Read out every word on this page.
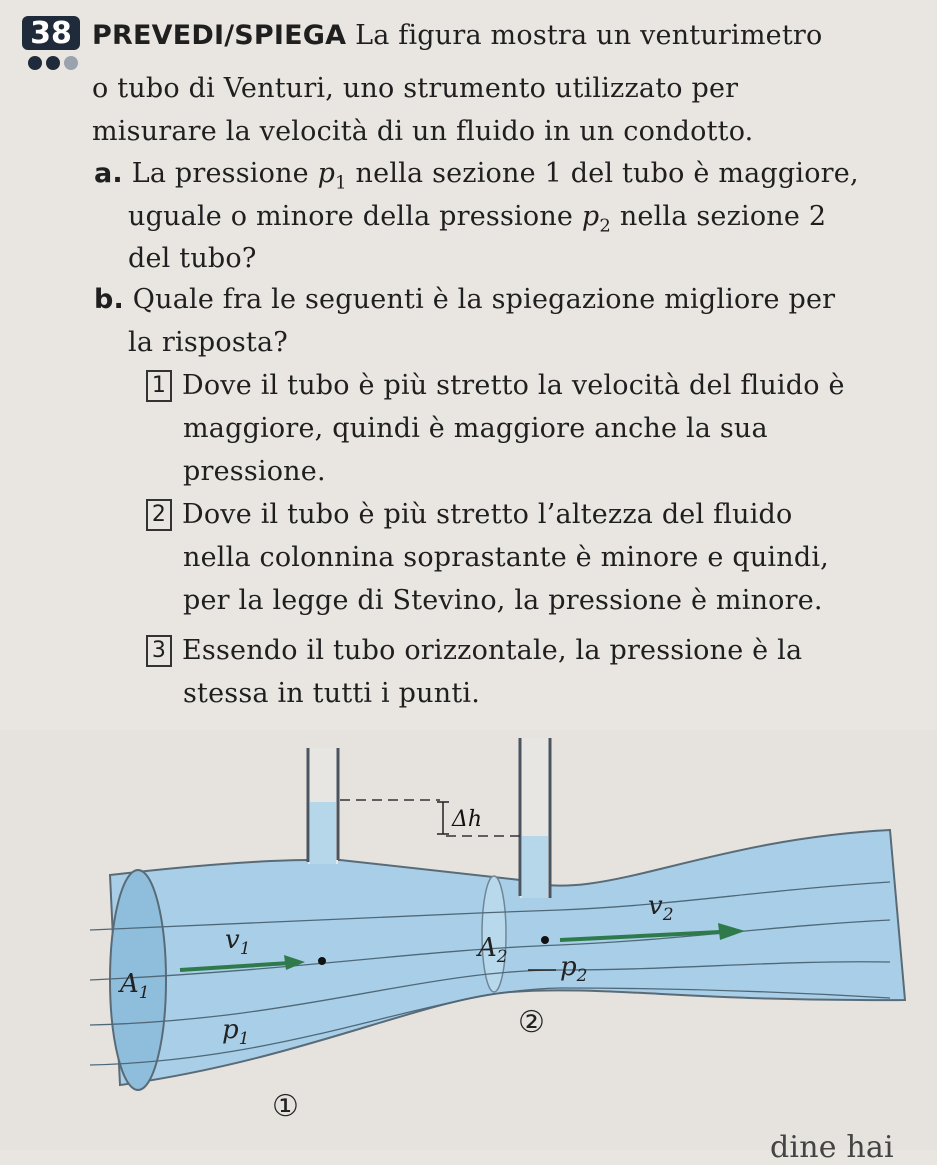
38 PREVEDI/SPIEGA La figura mostra un venturimetro
o tubo di Venturi, uno strumento utilizzato per
misurare la velocità di un fluido in un condotto.
a. La pressione $p_1$ nella sezione 1 del tubo è maggiore,
uguale o minore della pressione $p_2$ nella sezione 2
del tubo?
b. Quale fra le seguenti è la spiegazione migliore per
la risposta?
1 Dove il tubo è più stretto la velocità del fluido è
maggiore, quindi è maggiore anche la sua
pressione.
2 Dove il tubo è più stretto l’altezza del fluido
nella colonnina soprastante è minore e quindi,
per la legge di Stevino, la pressione è minore.
3 Essendo il tubo orizzontale, la pressione è la
stessa in tutti i punti.
Δh
$v_1$
$v_2$
$A_1$
$A_2$
$p_1$
$p_2$
②
①
dine hai
